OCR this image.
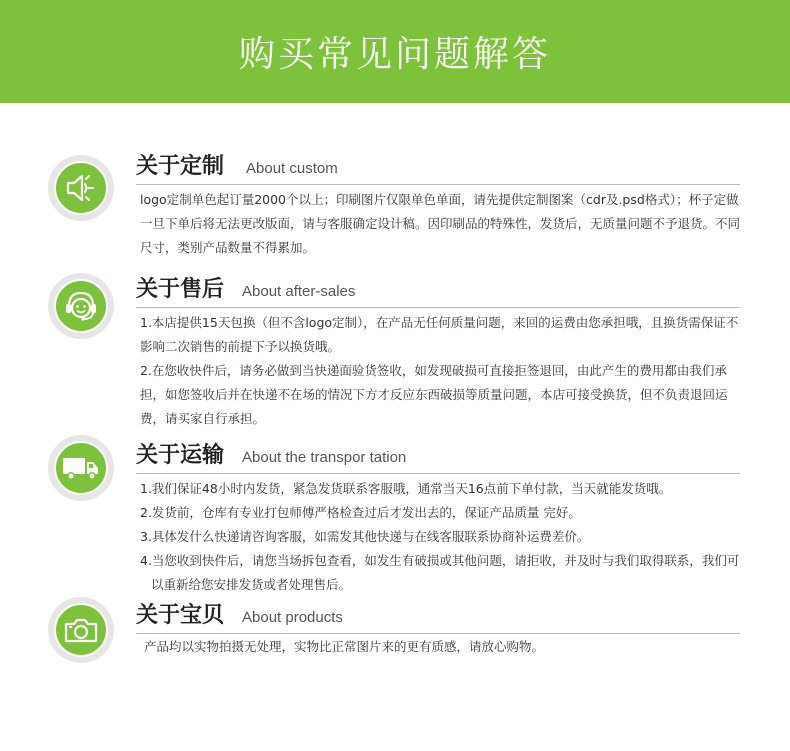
购买常见问题解答
关于定制 About custom

logo定制单色起订量2000个以上；印刷图片仅限单色单面，请先提供定制图案（cdr及.psd格式）；杯子定做一旦下单后将无法更改版面，请与客服确定设计稿。因印刷品的特殊性，发货后，无质量问题不予退货。不同尺寸，类别产品数量不得累加。

关于售后 About after-sales

1.本店提供15天包换（但不含logo定制），在产品无任何质量问题，来回的运费由您承担哦，且换货需保证不影响二次销售的前提下予以换货哦。

2.在您收快件后，请务必做到当快递面验货签收，如发现破损可直接拒签退回，由此产生的费用都由我们承担，如您签收后并在快递不在场的情况下方才反应东西破损等质量问题，本店可接受换货，但不负责退回运费，请买家自行承担。

关于运输 About the transpor tation

1.我们保证48小时内发货，紧急发货联系客服哦，通常当天16点前下单付款，当天就能发货哦。

2.发货前，仓库有专业打包师傅严格检查过后才发出去的，保证产品质量 完好。

3.具体发什么快递请咨询客服，如需发其他快递与在线客服联系协商补运费差价。

4.当您收到快件后，请您当场拆包查看，如发生有破损或其他问题，请拒收，并及时与我们取得联系，我们可以重新给您安排发货或者处理售后。

关于宝贝 About products

产品均以实物拍摄无处理，实物比正常图片来的更有质感，请放心购物。
